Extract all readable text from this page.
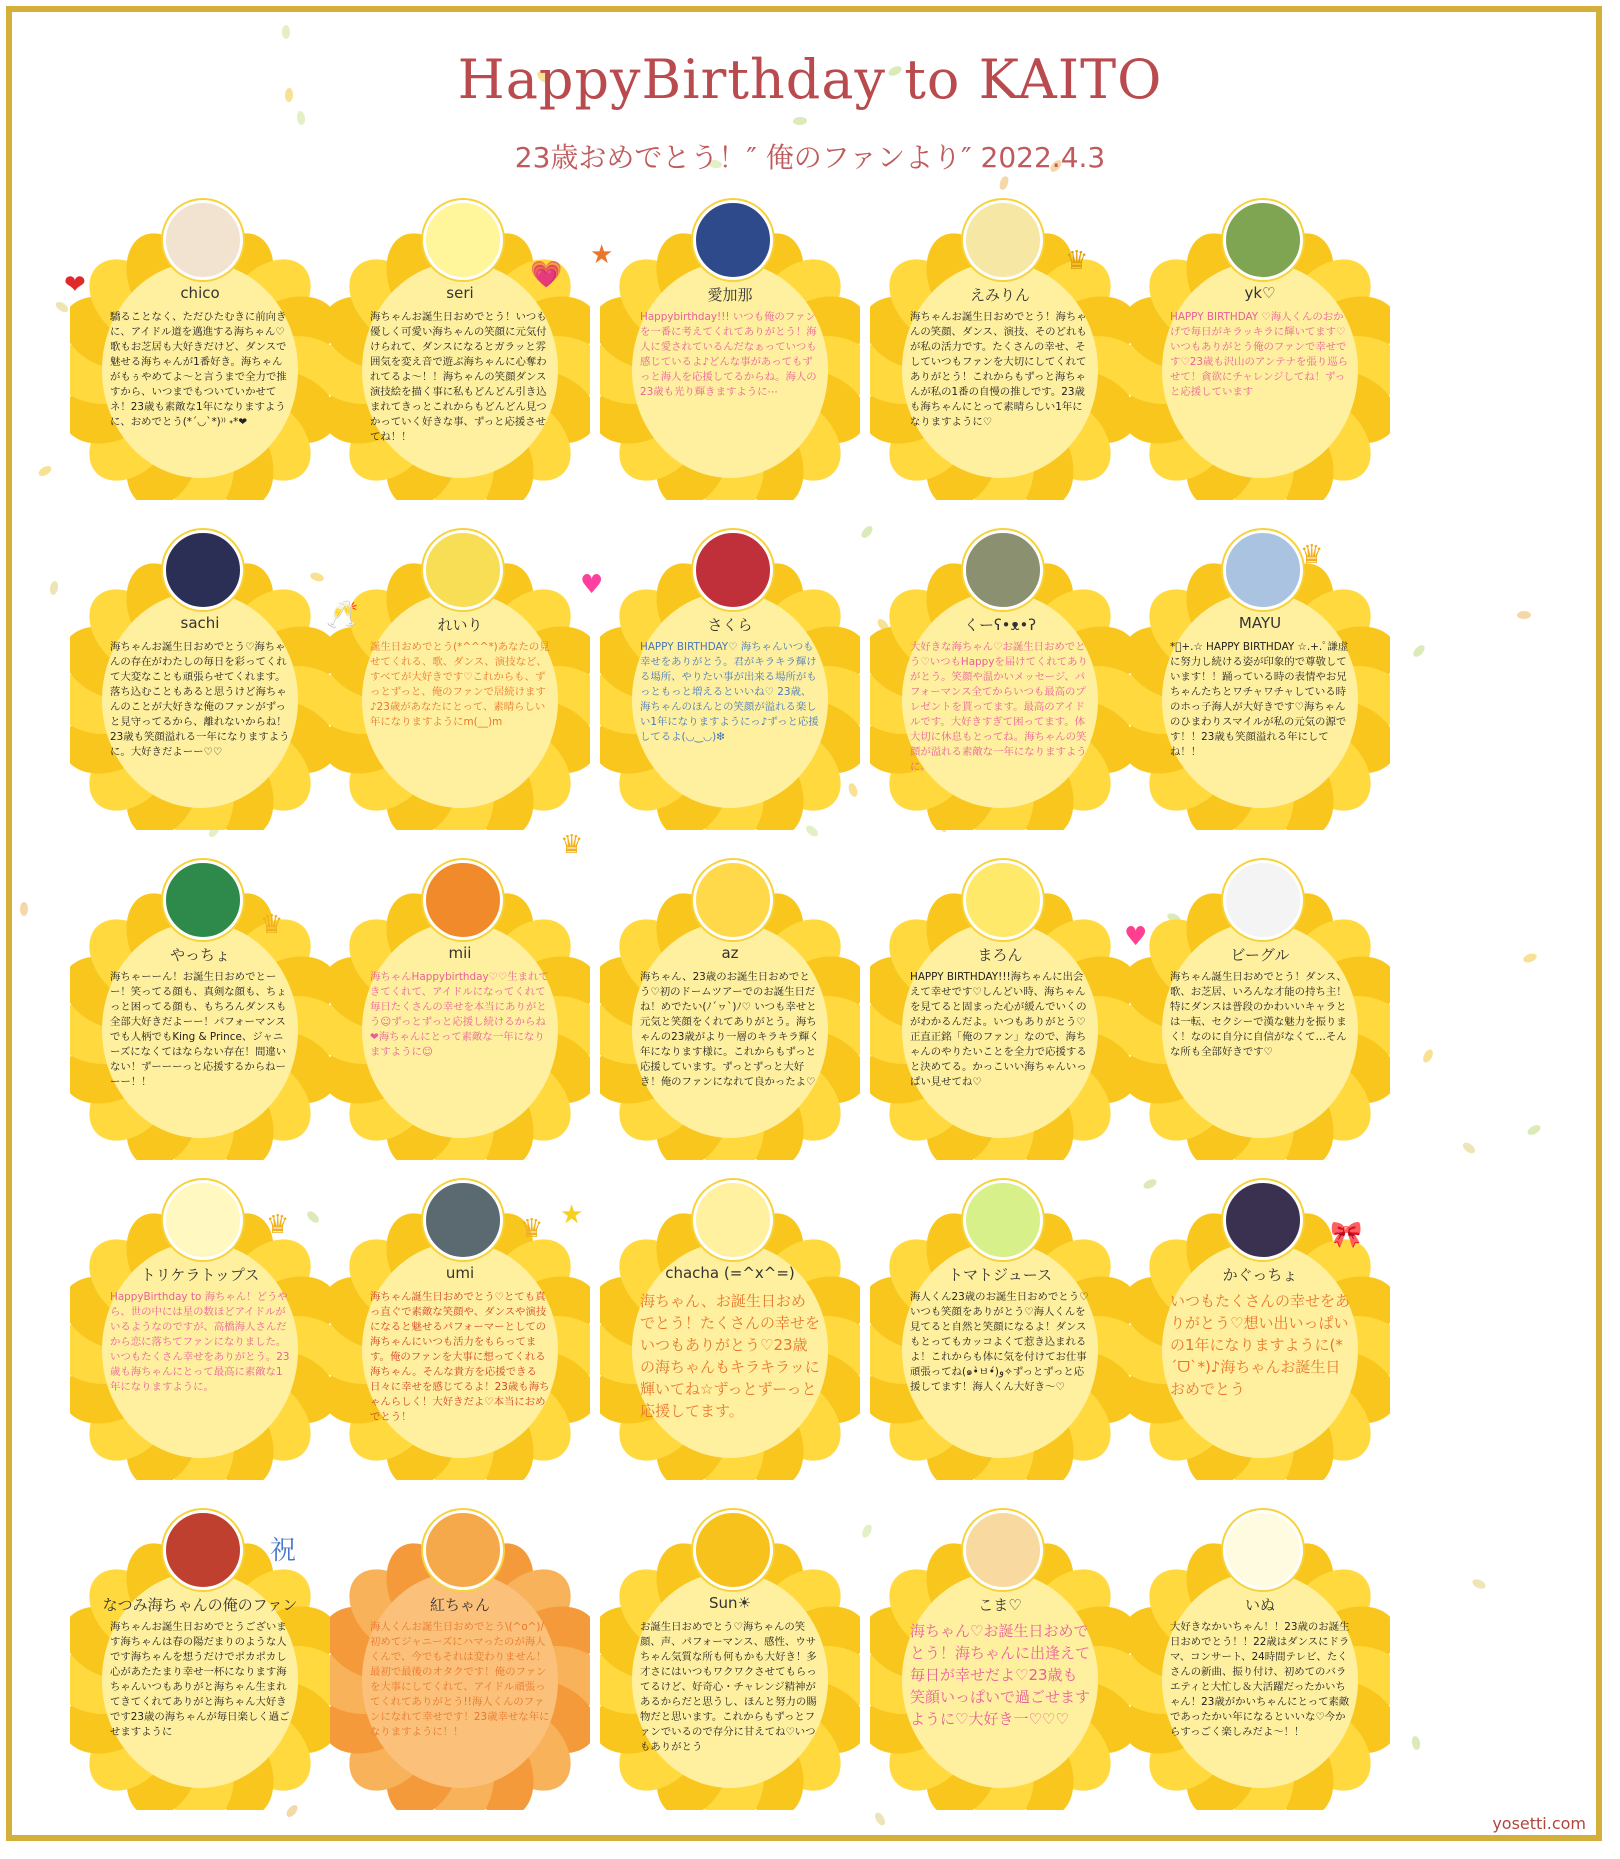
HappyBirthday to KAITO
23歳おめでとう！″ 俺のファンより″ 2022.4.3
chico
驕ることなく、ただひたむきに前向きに、アイドル道を邁進する海ちゃん♡歌もお芝居も大好きだけど、ダンスで魅せる海ちゃんが1番好き。海ちゃんがもぅやめてよ〜と言うまで全力で推すから、いつまでもついていかせてネ！23歳も素敵な1年になりますように、おめでとう(*´◡`*)⁾⁾ ˖*❤
❤	seri
海ちゃんお誕生日おめでとう！いつも優しく可愛い海ちゃんの笑顔に元気付けられて、ダンスになるとガラッと雰囲気を変え音で遊ぶ海ちゃんに心奪われてるよ〜！！海ちゃんの笑顔ダンス演技絵を描く事に私もどんどん引き込まれてきっとこれからもどんどん見つかっていく好きな事、ずっと応援させてね！！
💗
愛加那
Happybirthday!!! いつも俺のファンを一番に考えてくれてありがとう！海人に愛されているんだなぁっていつも感じているよ♪どんな事があってもずっと海人を応援してるからね。海人の23歳も光り輝きますように⋯
★
えみりん
海ちゃんお誕生日おめでとう！海ちゃんの笑顔、ダンス、演技、そのどれもが私の活力です。たくさんの幸せ、そしていつもファンを大切にしてくれてありがとう！これからもずっと海ちゃんが私の1番の自慢の推しです。23歳も海ちゃんにとって素晴らしい1年になりますように♡
♛
yk♡
HAPPY BIRTHDAY ♡海人くんのおかげで毎日がキラッキラに輝いてます♡いつもありがとう俺のファンで幸せです♡23歳も沢山のアンテナを張り巡らせて！貪欲にチャレンジしてね！ずっと応援しています
sachi
海ちゃんお誕生日おめでとう♡海ちゃんの存在がわたしの毎日を彩ってくれて大変なことも頑張らせてくれます。落ち込むこともあると思うけど海ちゃんのことが大好きな俺のファンがずっと見守ってるから、離れないからね！23歳も笑顔溢れる一年になりますように。大好きだよーー♡♡
れいり
誕生日おめでとう(*^^^*)あなたの見せてくれる、歌、ダンス、演技など、すべてが大好きです♡これからも、ずっとずっと、俺のファンで居続けます♪23歳があなたにとって、素晴らしい年になりますようにm(__)m
🥂	さくら
HAPPY BIRTHDAY♡ 海ちゃんいつも幸せをありがとう。君がキラキラ輝ける場所、やりたい事が出来る場所がもっともっと増えるといいね♡ 23歳、海ちゃんのほんとの笑顔が溢れる楽しい1年になりますようにっ♪ずっと応援してるよ(◡‿◡)❇︎
♥
くーʕ•ᴥ•ʔ
大好きな海ちゃん♡お誕生日おめでとう♡いつもHappyを届けてくれてありがとう。笑顔や温かいメッセージ、パフォーマンス全てからいつも最高のプレゼントを貰ってます。最高のアイドルです。大好きすぎて困ってます。体大切に休息もとってね。海ちゃんの笑顔が溢れる素敵な一年になりますように。
MAYU
*ﾟ+.☆ HAPPY BIRTHDAY ☆.+.ﾟ謙虚に努力し続ける姿が印象的で尊敬しています！！踊っている時の表情やお兄ちゃんたちとワチャワチャしている時のホっ子海人が大好きです♡海ちゃんのひまわりスマイルが私の元気の源です！！23歳も笑顔溢れる年にしてね！！
♛
やっちょ
海ちゃーーん！お誕生日おめでとーー！笑ってる顔も、真剣な顔も、ちょっと困ってる顔も、もちろんダンスも全部大好きだよーー！パフォーマンスでも人柄でもKing & Prince、ジャニーズになくてはならない存在！間違いない！ずーーーっと応援するからねーーー！！
♛
mii
海ちゃんHappybirthday♡♡生まれてきてくれて、アイドルになってくれて毎日たくさんの幸せを本当にありがとう☺︎ずっとずっと応援し続けるからね❤︎海ちゃんにとって素敵な一年になりますように☺︎
az
海ちゃん、23歳のお誕生日おめでとう♡初のドームツアーでのお誕生日だね！めでたい(ﾉ´ヮ`)ﾉ♡ いつも幸せと元気と笑顔をくれてありがとう。海ちゃんの23歳がより一層のキラキラ輝く年になります様に。これからもずっと応援しています。ずっとずっと大好き！俺のファンになれて良かったよ♡
♛
まろん
HAPPY BIRTHDAY!!!海ちゃんに出会えて幸せです♡しんどい時、海ちゃんを見てると固まった心が緩んでいくのがわかるんだよ。いつもありがとう♡正直正銘「俺のファン」なので、海ちゃんのやりたいことを全力で応援すると決めてる。かっこいい海ちゃんいっぱい見せてね♡
ビーグル
海ちゃん誕生日おめでとう！ダンス、歌、お芝居、いろんな才能の持ち主！特にダンスは普段のかわいいキャラとは一転、セクシーで漢な魅力を振りまく！なのに自分に自信がなくて…そんな所も全部好きです♡
♥
トリケラトップス
HappyBirthday to 海ちゃん！どうやら、世の中には星の数ほどアイドルがいるようなのですが、高橋海人さんだから恋に落ちてファンになりました。いつもたくさん幸せをありがとう。23歳も海ちゃんにとって最高に素敵な1年になりますように。
♛
umi
海ちゃん誕生日おめでとう♡とても真っ直ぐで素敵な笑顔や、ダンスや演技になると魅せるパフォーマーとしての海ちゃんにいつも活力をもらってます。俺のファンを大事に想ってくれる海ちゃん。そんな貴方を応援できる日々に幸せを感じてるよ！23歳も海ちゃんらしく！大好きだよ♡本当におめでとう！
♛
chacha (=^x^=)
海ちゃん、お誕生日おめでとう！たくさんの幸せをいつもありがとう♡23歳の海ちゃんもキラキラッに輝いてね☆ずっとずーっと応援してます。
★
トマトジュース
海人くん23歳のお誕生日おめでとう♡いつも笑顔をありがとう♡海人くんを見てると自然と笑顔になるよ！ダンスもとってもカッコよくて惹き込まれるよ！これからも体に気を付けてお仕事頑張ってね(๑•̀ㅂ•́)و✧ずっとずっと応援してます！海人くん大好き〜♡
かぐっちょ
いつもたくさんの幸せをありがとう♡想い出いっぱいの1年になりますように(*ˊᗜˋ*)♪海ちゃんお誕生日おめでとう
🎀
なつみ海ちゃんの俺のファン
海ちゃんお誕生日おめでとうございます海ちゃんは春の陽だまりのような人です海ちゃんを想うだけでポカポカし心があたたまり幸せ一杯になります海ちゃんいつもありがと海ちゃん生まれてきてくれてありがと海ちゃん大好きです23歳の海ちゃんが毎日楽しく過ごせますように
祝
紅ちゃん
海人くんお誕生日おめでとう\(^o^)/ 初めてジャニーズにハマったのが海人くんで、今でもそれは変わりません！最初で最後のオタクです！俺のファンを大事にしてくれて、アイドル頑張ってくれてありがとう!!海人くんのファンになれて幸せです！23歳幸せな年になりますように！！
Sun☀︎
お誕生日おめでとう♡海ちゃんの笑顔、声、パフォーマンス、感性、ウサちゃん気質な所も何もかも大好き！多才さにはいつもワクワクさせてもらってるけど、好奇心・チャレンジ精神があるからだと思うし、ほんと努力の賜物だと思います。これからもずっとファンでいるので存分に甘えてね♡いつもありがとう
こま♡
海ちゃん♡お誕生日おめでとう！海ちゃんに出逢えて毎日が幸せだよ♡23歳も笑顔いっぱいで過ごせますように♡大好き一♡♡♡
いぬ
大好きなかいちゃん！！23歳のお誕生日おめでとう！！22歳はダンスにドラマ、コンサート、24時間テレビ、たくさんの新曲、振り付け、初めてのバラエティと大忙し＆大活躍だったかいちゃん！23歳がかいちゃんにとって素敵であったかい年になるといいな♡今からすっごく楽しみだよ〜！！
yosetti.com
